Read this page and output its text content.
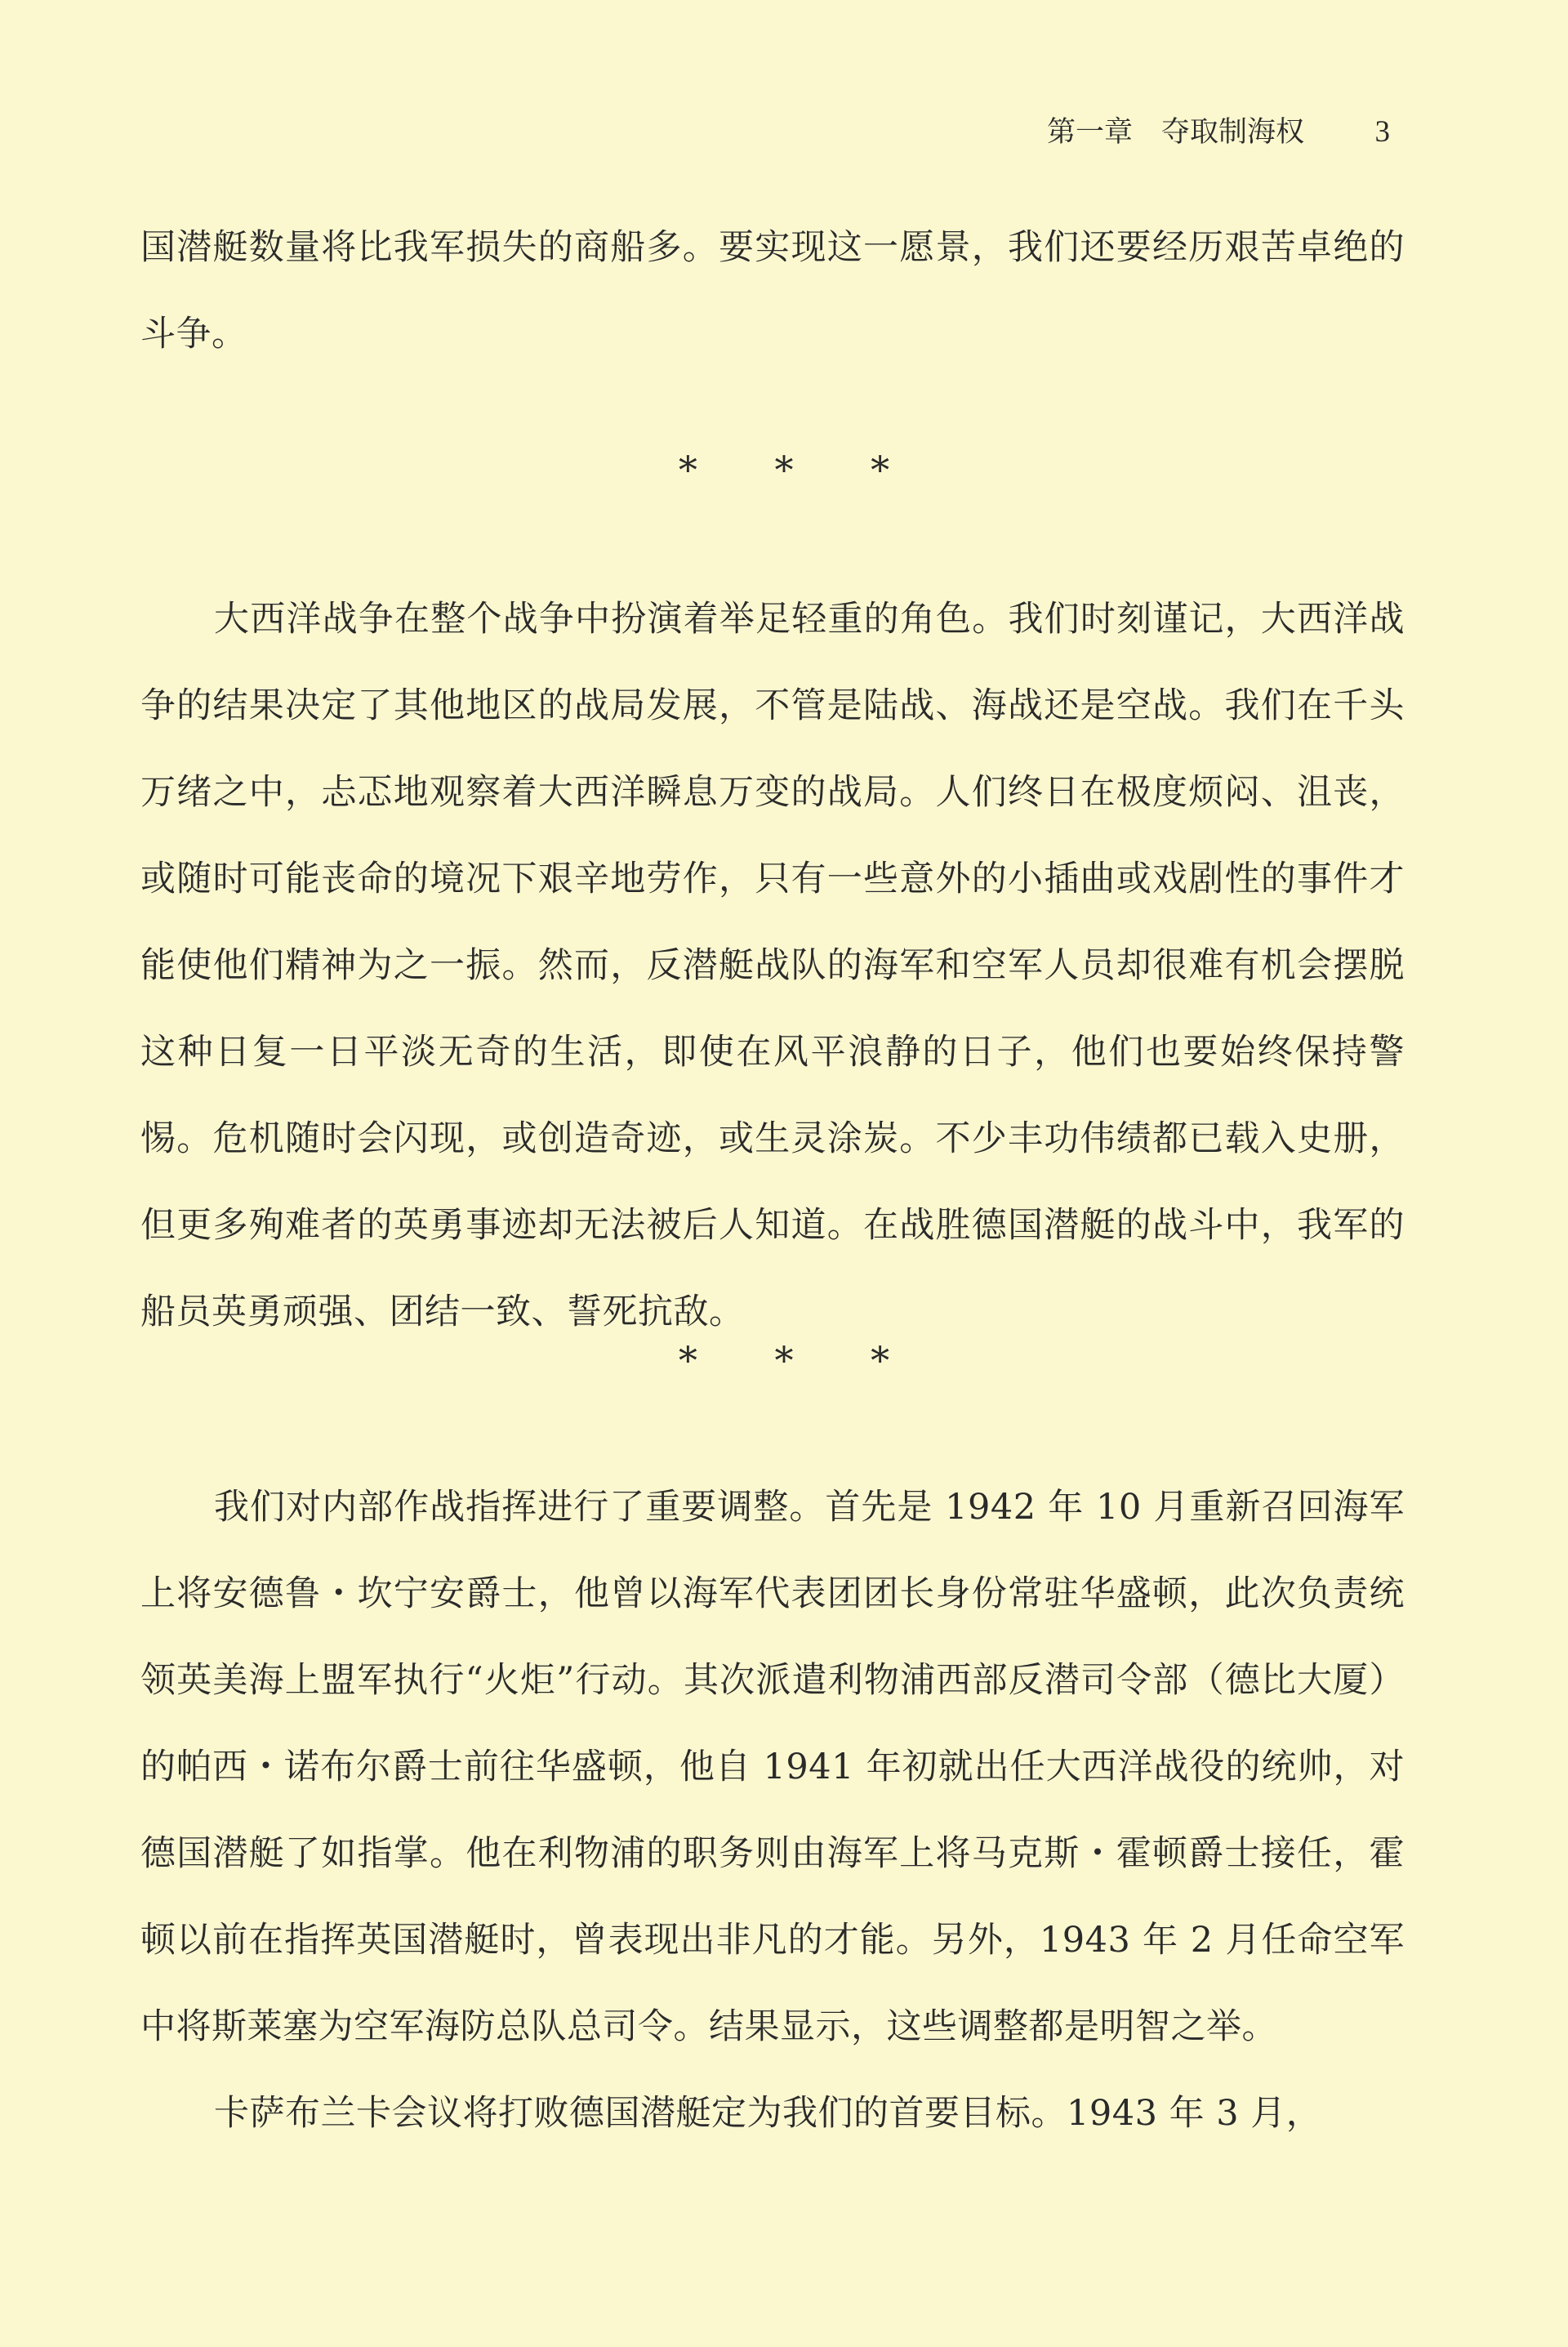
第一章　夺取制海权 3

国潜艇数量将比我军损失的商船多。要实现这一愿景，我们还要经历艰苦卓绝的斗争。

* * *

大西洋战争在整个战争中扮演着举足轻重的角色。我们时刻谨记，大西洋战争的结果决定了其他地区的战局发展，不管是陆战、海战还是空战。我们在千头万绪之中，忐忑地观察着大西洋瞬息万变的战局。人们终日在极度烦闷、沮丧，或随时可能丧命的境况下艰辛地劳作，只有一些意外的小插曲或戏剧性的事件才能使他们精神为之一振。然而，反潜艇战队的海军和空军人员却很难有机会摆脱这种日复一日平淡无奇的生活，即使在风平浪静的日子，他们也要始终保持警惕。危机随时会闪现，或创造奇迹，或生灵涂炭。不少丰功伟绩都已载入史册，但更多殉难者的英勇事迹却无法被后人知道。在战胜德国潜艇的战斗中，我军的船员英勇顽强、团结一致、誓死抗敌。

* * *

我们对内部作战指挥进行了重要调整。首先是 1942 年 10 月重新召回海军上将安德鲁・坎宁安爵士，他曾以海军代表团团长身份常驻华盛顿，此次负责统领英美海上盟军执行“火炬”行动。其次派遣利物浦西部反潜司令部（德比大厦）的帕西・诺布尔爵士前往华盛顿，他自 1941 年初就出任大西洋战役的统帅，对德国潜艇了如指掌。他在利物浦的职务则由海军上将马克斯・霍顿爵士接任，霍顿以前在指挥英国潜艇时，曾表现出非凡的才能。另外，1943 年 2 月任命空军中将斯莱塞为空军海防总队总司令。结果显示，这些调整都是明智之举。

卡萨布兰卡会议将打败德国潜艇定为我们的首要目标。1943 年 3 月，
